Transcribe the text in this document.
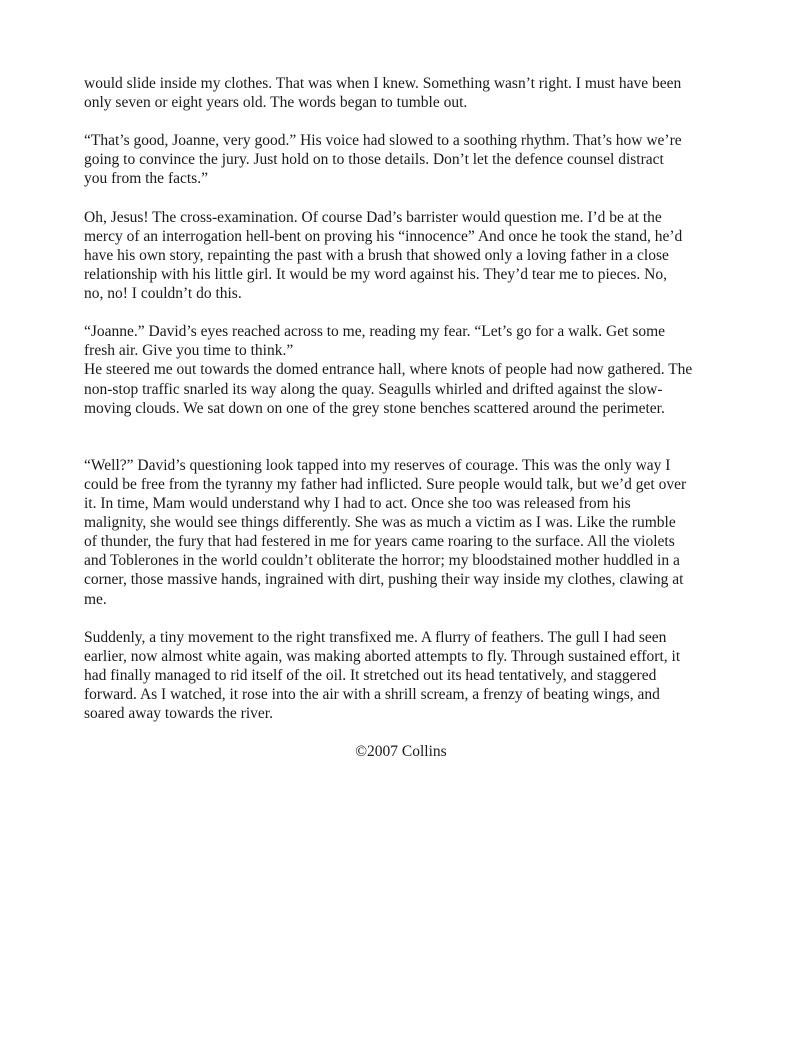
would slide inside my clothes. That was when I knew. Something wasn’t right. I must have been
only seven or eight years old. The words began to tumble out.

“That’s good, Joanne, very good.” His voice had slowed to a soothing rhythm. That’s how we’re
going to convince the jury. Just hold on to those details. Don’t let the defence counsel distract
you from the facts.”

Oh, Jesus! The cross-examination. Of course Dad’s barrister would question me. I’d be at the
mercy of an interrogation hell-bent on proving his “innocence” And once he took the stand, he’d
have his own story, repainting the past with a brush that showed only a loving father in a close
relationship with his little girl. It would be my word against his. They’d tear me to pieces. No,
no, no! I couldn’t do this.

“Joanne.” David’s eyes reached across to me, reading my fear. “Let’s go for a walk. Get some
fresh air. Give you time to think.”
He steered me out towards the domed entrance hall, where knots of people had now gathered. The
non-stop traffic snarled its way along the quay. Seagulls whirled and drifted against the slow-
moving clouds. We sat down on one of the grey stone benches scattered around the perimeter.

“Well?” David’s questioning look tapped into my reserves of courage. This was the only way I
could be free from the tyranny my father had inflicted. Sure people would talk, but we’d get over
it. In time, Mam would understand why I had to act. Once she too was released from his
malignity, she would see things differently. She was as much a victim as I was. Like the rumble
of thunder, the fury that had festered in me for years came roaring to the surface. All the violets
and Toblerones in the world couldn’t obliterate the horror; my bloodstained mother huddled in a
corner, those massive hands, ingrained with dirt, pushing their way inside my clothes, clawing at
me.

Suddenly, a tiny movement to the right transfixed me. A flurry of feathers. The gull I had seen
earlier, now almost white again, was making aborted attempts to fly. Through sustained effort, it
had finally managed to rid itself of the oil. It stretched out its head tentatively, and staggered
forward. As I watched, it rose into the air with a shrill scream, a frenzy of beating wings, and
soared away towards the river.

©2007 Collins
